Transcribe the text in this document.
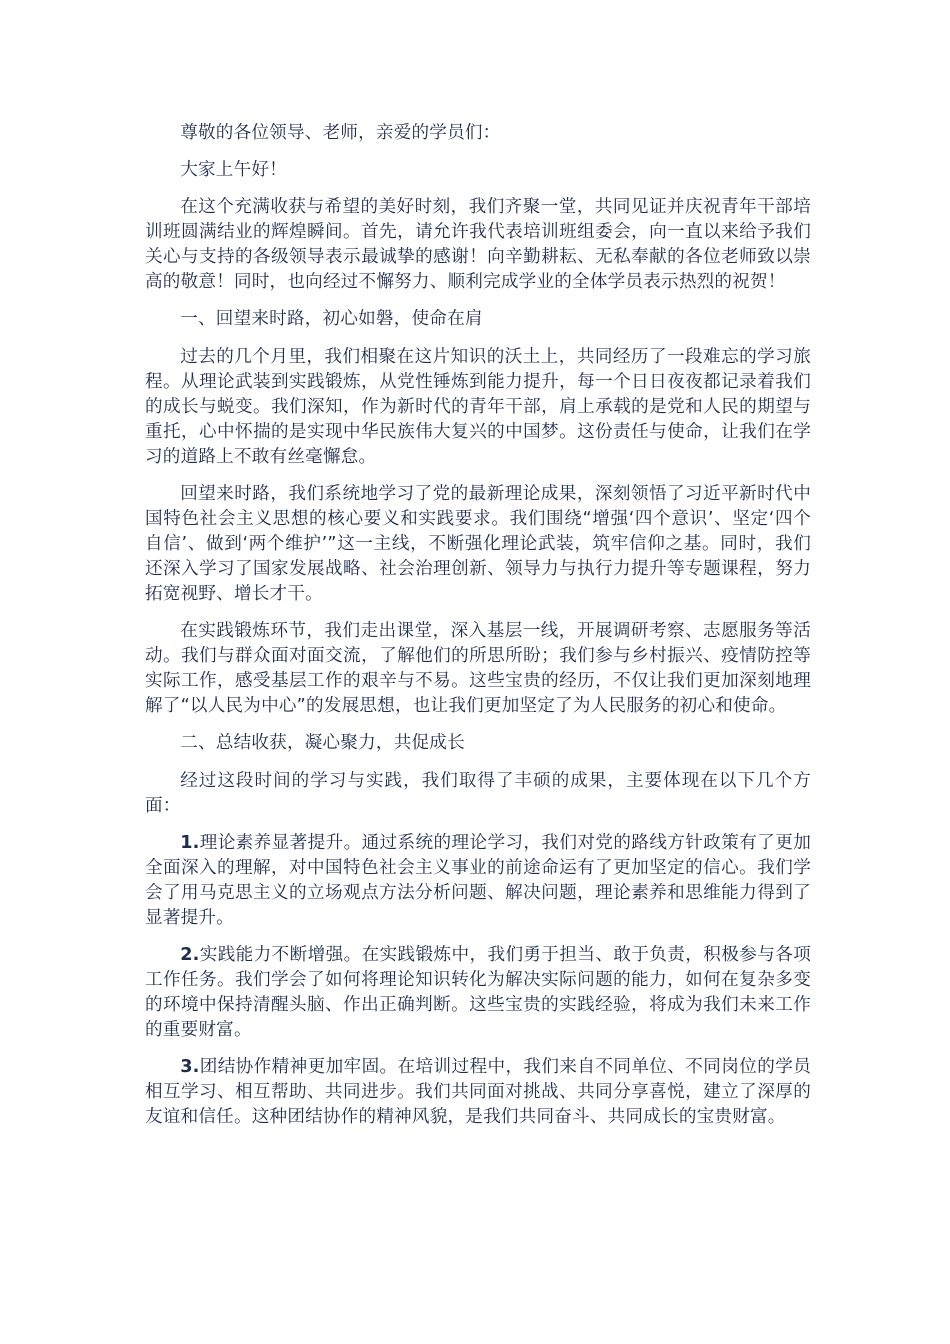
尊敬的各位领导、老师，亲爱的学员们：

大家上午好！

在这个充满收获与希望的美好时刻，我们齐聚一堂，共同见证并庆祝青年干部培训班圆满结业的辉煌瞬间。首先，请允许我代表培训班组委会，向一直以来给予我们关心与支持的各级领导表示最诚挚的感谢！向辛勤耕耘、无私奉献的各位老师致以崇高的敬意！同时，也向经过不懈努力、顺利完成学业的全体学员表示热烈的祝贺！

一、回望来时路，初心如磐，使命在肩

过去的几个月里，我们相聚在这片知识的沃土上，共同经历了一段难忘的学习旅程。从理论武装到实践锻炼，从党性锤炼到能力提升，每一个日日夜夜都记录着我们的成长与蜕变。我们深知，作为新时代的青年干部，肩上承载的是党和人民的期望与重托，心中怀揣的是实现中华民族伟大复兴的中国梦。这份责任与使命，让我们在学习的道路上不敢有丝毫懈怠。

回望来时路，我们系统地学习了党的最新理论成果，深刻领悟了习近平新时代中国特色社会主义思想的核心要义和实践要求。我们围绕“增强‘四个意识’、坚定‘四个自信’、做到‘两个维护’”这一主线，不断强化理论武装，筑牢信仰之基。同时，我们还深入学习了国家发展战略、社会治理创新、领导力与执行力提升等专题课程，努力拓宽视野、增长才干。

在实践锻炼环节，我们走出课堂，深入基层一线，开展调研考察、志愿服务等活动。我们与群众面对面交流，了解他们的所思所盼；我们参与乡村振兴、疫情防控等实际工作，感受基层工作的艰辛与不易。这些宝贵的经历，不仅让我们更加深刻地理解了“以人民为中心”的发展思想，也让我们更加坚定了为人民服务的初心和使命。

二、总结收获，凝心聚力，共促成长

经过这段时间的学习与实践，我们取得了丰硕的成果，主要体现在以下几个方面：

1.理论素养显著提升。通过系统的理论学习，我们对党的路线方针政策有了更加全面深入的理解，对中国特色社会主义事业的前途命运有了更加坚定的信心。我们学会了用马克思主义的立场观点方法分析问题、解决问题，理论素养和思维能力得到了显著提升。

2.实践能力不断增强。在实践锻炼中，我们勇于担当、敢于负责，积极参与各项工作任务。我们学会了如何将理论知识转化为解决实际问题的能力，如何在复杂多变的环境中保持清醒头脑、作出正确判断。这些宝贵的实践经验，将成为我们未来工作的重要财富。

3.团结协作精神更加牢固。在培训过程中，我们来自不同单位、不同岗位的学员相互学习、相互帮助、共同进步。我们共同面对挑战、共同分享喜悦，建立了深厚的友谊和信任。这种团结协作的精神风貌，是我们共同奋斗、共同成长的宝贵财富。
